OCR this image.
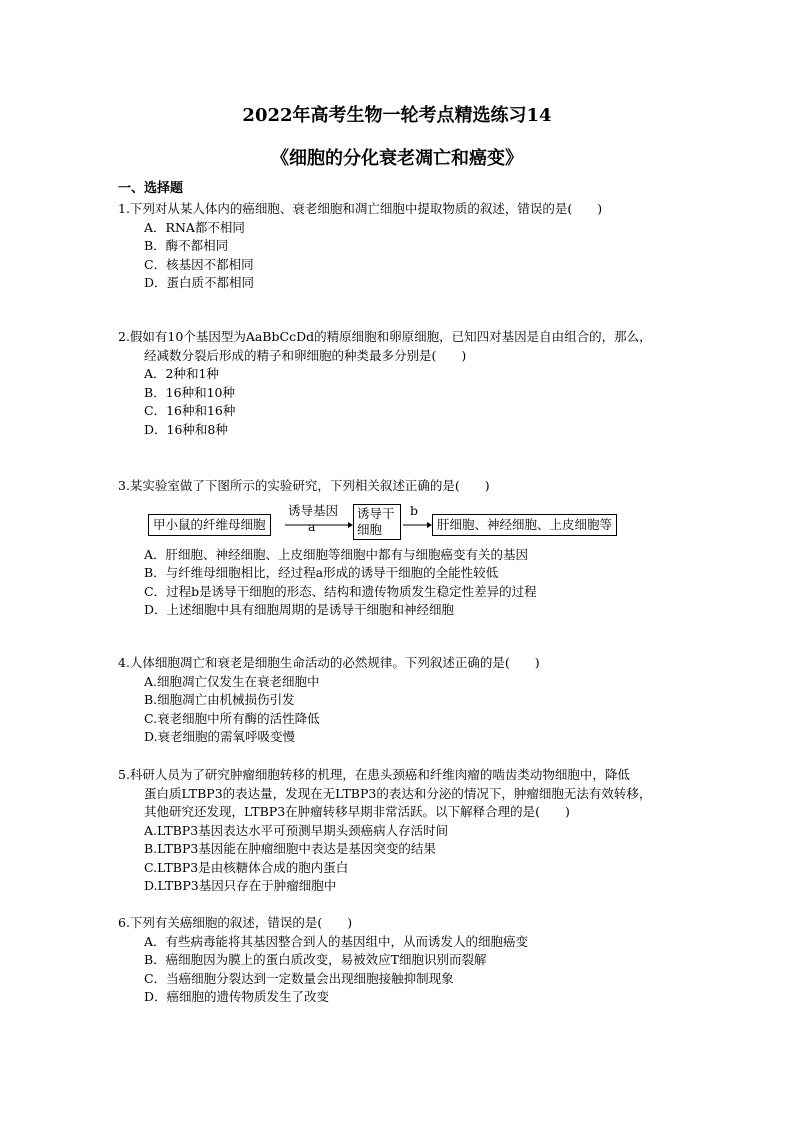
2022年高考生物一轮考点精选练习14
《细胞的分化衰老凋亡和癌变》
一、选择题

1.下列对从某人体内的癌细胞、衰老细胞和凋亡细胞中提取物质的叙述，错误的是(　　)

A．RNA都不相同

B．酶不都相同

C．核基因不都相同

D．蛋白质不都相同

2.假如有10个基因型为AaBbCcDd的精原细胞和卵原细胞，已知四对基因是自由组合的，那么，

经减数分裂后形成的精子和卵细胞的种类最多分别是(　　)

A．2种和1种

B．16种和10种

C．16种和16种

D．16种和8种

3.某实验室做了下图所示的实验研究，下列相关叙述正确的是(　　)

甲小鼠的纤维母细胞
诱导基因
a
诱导干细胞
b
肝细胞、神经细胞、上皮细胞等

A．肝细胞、神经细胞、上皮细胞等细胞中都有与细胞癌变有关的基因

B．与纤维母细胞相比，经过程a形成的诱导干细胞的全能性较低

C．过程b是诱导干细胞的形态、结构和遗传物质发生稳定性差异的过程

D．上述细胞中具有细胞周期的是诱导干细胞和神经细胞

4.人体细胞凋亡和衰老是细胞生命活动的必然规律。下列叙述正确的是(　　)

A.细胞凋亡仅发生在衰老细胞中

B.细胞凋亡由机械损伤引发

C.衰老细胞中所有酶的活性降低

D.衰老细胞的需氧呼吸变慢

5.科研人员为了研究肿瘤细胞转移的机理，在患头颈癌和纤维肉瘤的啮齿类动物细胞中，降低

蛋白质LTBP3的表达量，发现在无LTBP3的表达和分泌的情况下，肿瘤细胞无法有效转移，

其他研究还发现，LTBP3在肿瘤转移早期非常活跃。以下解释合理的是(　　)

A.LTBP3基因表达水平可预测早期头颈癌病人存活时间

B.LTBP3基因能在肿瘤细胞中表达是基因突变的结果

C.LTBP3是由核糖体合成的胞内蛋白

D.LTBP3基因只存在于肿瘤细胞中

6.下列有关癌细胞的叙述，错误的是(　　)

A．有些病毒能将其基因整合到人的基因组中，从而诱发人的细胞癌变

B．癌细胞因为膜上的蛋白质改变，易被效应T细胞识别而裂解

C．当癌细胞分裂达到一定数量会出现细胞接触抑制现象

D．癌细胞的遗传物质发生了改变
